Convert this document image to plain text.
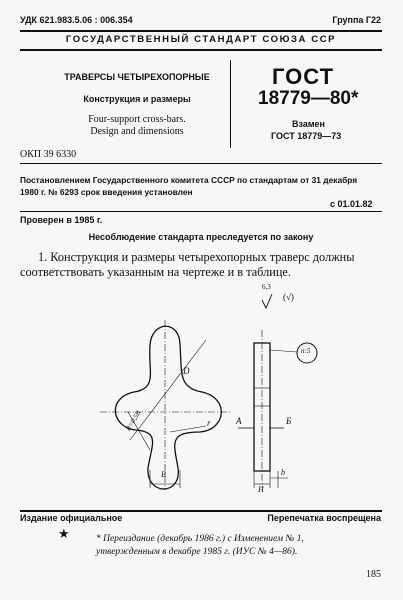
УДК 621.983.5.06 : 006.354	Группа Г22
ГОСУДАРСТВЕННЫЙ СТАНДАРТ СОЮЗА ССР
ТРАВЕРСЫ ЧЕТЫРЕХОПОРНЫЕ
Конструкция и размеры
Four-support cross-bars.
Design and dimensions
ГОСТ
18779—80*
Взамен
ГОСТ 18779—73
ОКП 39 6330
Постановлением Государственного комитета СССР по стандартам от 31 декабря
1980 г. № 6293 срок введения установлен
с 01.01.82
Проверен в 1985 г.
Несоблюдение стандарта преследуется по закону
1. Конструкция и размеры четырехопорных траверс должны
соответствовать указанным на чертеже и в таблице.
6,3
(√)
D
r
R=0,5B
B
А	Б
H
b
n:5
Издание официальное	Перепечатка воспрещена
★	* Переиздание (декабрь 1986 г.) с Изменением № 1,
утвержденным в декабре 1985 г. (ИУС № 4—86).
185
